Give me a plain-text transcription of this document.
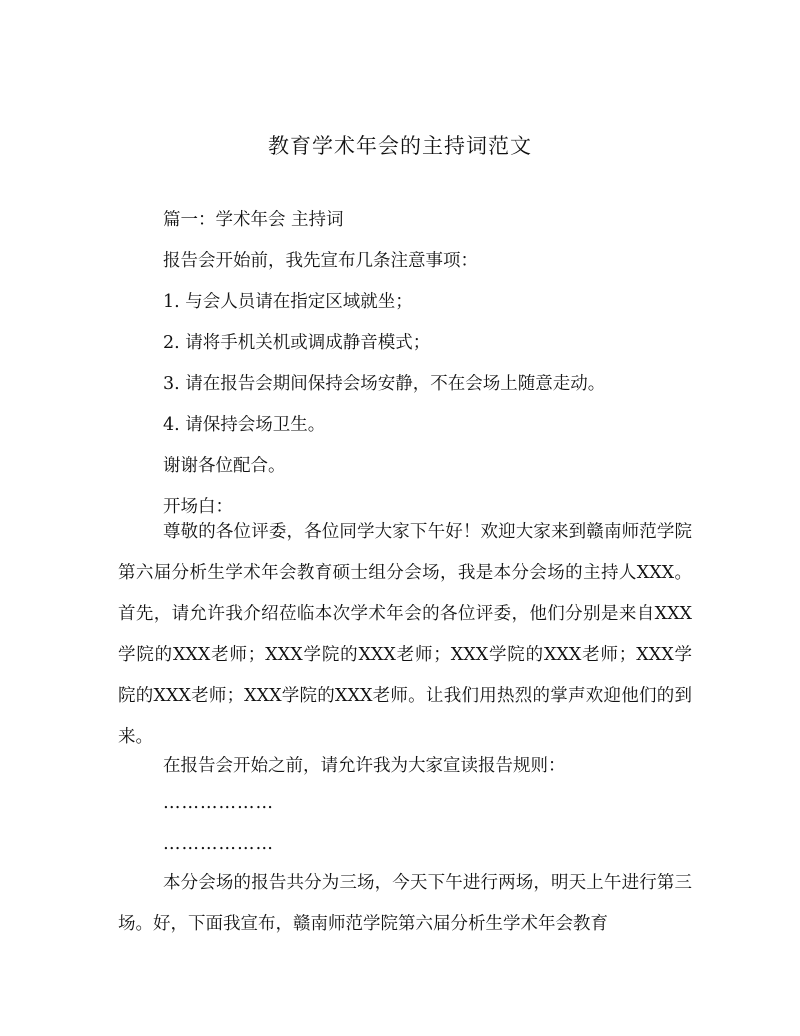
教育学术年会的主持词范文
篇一：学术年会 主持词
报告会开始前，我先宣布几条注意事项：
1. 与会人员请在指定区域就坐；
2. 请将手机关机或调成静音模式；
3. 请在报告会期间保持会场安静，不在会场上随意走动。
4. 请保持会场卫生。
谢谢各位配合。
开场白：
尊敬的各位评委，各位同学大家下午好！欢迎大家来到赣南师范学院第六届分析生学术年会教育硕士组分会场，我是本分会场的主持人XXX。首先，请允许我介绍莅临本次学术年会的各位评委，他们分别是来自XXX学院的XXX老师；XXX学院的XXX老师；XXX学院的XXX老师；XXX学院的XXX老师；XXX学院的XXX老师。让我们用热烈的掌声欢迎他们的到来。
在报告会开始之前，请允许我为大家宣读报告规则：
………………
………………
本分会场的报告共分为三场，今天下午进行两场，明天上午进行第三场。好，下面我宣布，赣南师范学院第六届分析生学术年会教育
